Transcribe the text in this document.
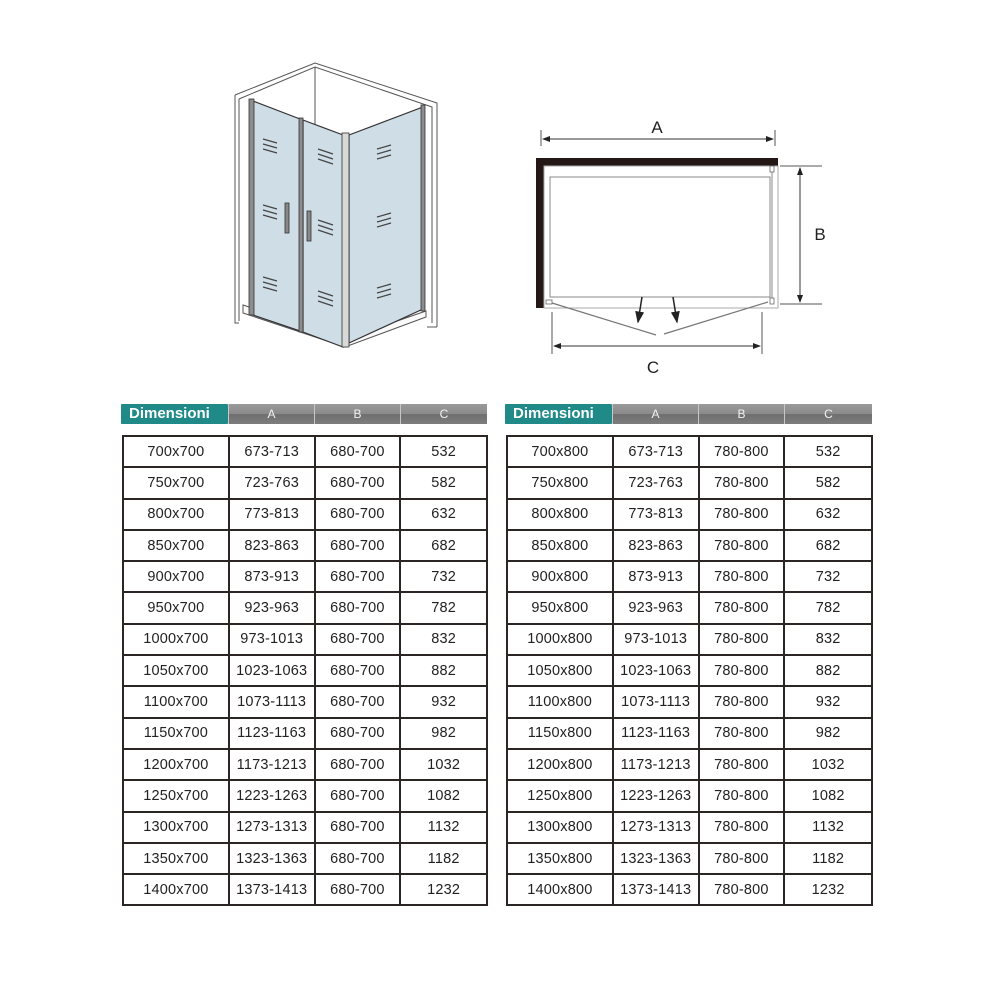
A
B
C
Dimensioni	A	B	C
700x700	673-713	680-700	532
750x700	723-763	680-700	582
800x700	773-813	680-700	632
850x700	823-863	680-700	682
900x700	873-913	680-700	732
950x700	923-963	680-700	782
1000x700	973-1013	680-700	832
1050x700	1023-1063	680-700	882
1100x700	1073-1113	680-700	932
1150x700	1123-1163	680-700	982
1200x700	1173-1213	680-700	1032
1250x700	1223-1263	680-700	1082
1300x700	1273-1313	680-700	1132
1350x700	1323-1363	680-700	1182
1400x700	1373-1413	680-700	1232
Dimensioni	A	B	C
700x800	673-713	780-800	532
750x800	723-763	780-800	582
800x800	773-813	780-800	632
850x800	823-863	780-800	682
900x800	873-913	780-800	732
950x800	923-963	780-800	782
1000x800	973-1013	780-800	832
1050x800	1023-1063	780-800	882
1100x800	1073-1113	780-800	932
1150x800	1123-1163	780-800	982
1200x800	1173-1213	780-800	1032
1250x800	1223-1263	780-800	1082
1300x800	1273-1313	780-800	1132
1350x800	1323-1363	780-800	1182
1400x800	1373-1413	780-800	1232
